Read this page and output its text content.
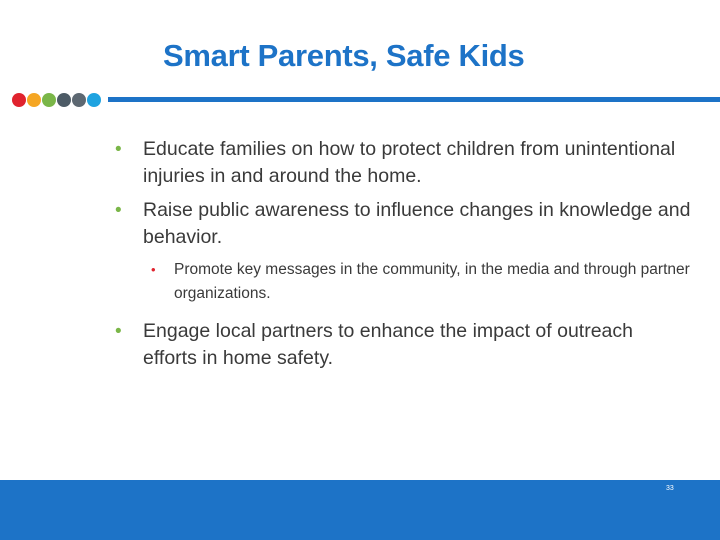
Smart Parents, Safe Kids
• Educate families on how to protect children from unintentional injuries in and around the home.
• Raise public awareness to influence changes in knowledge and behavior.
• Promote key messages in the community, in the media and through partner organizations.
• Engage local partners to enhance the impact of outreach efforts in home safety.
33
